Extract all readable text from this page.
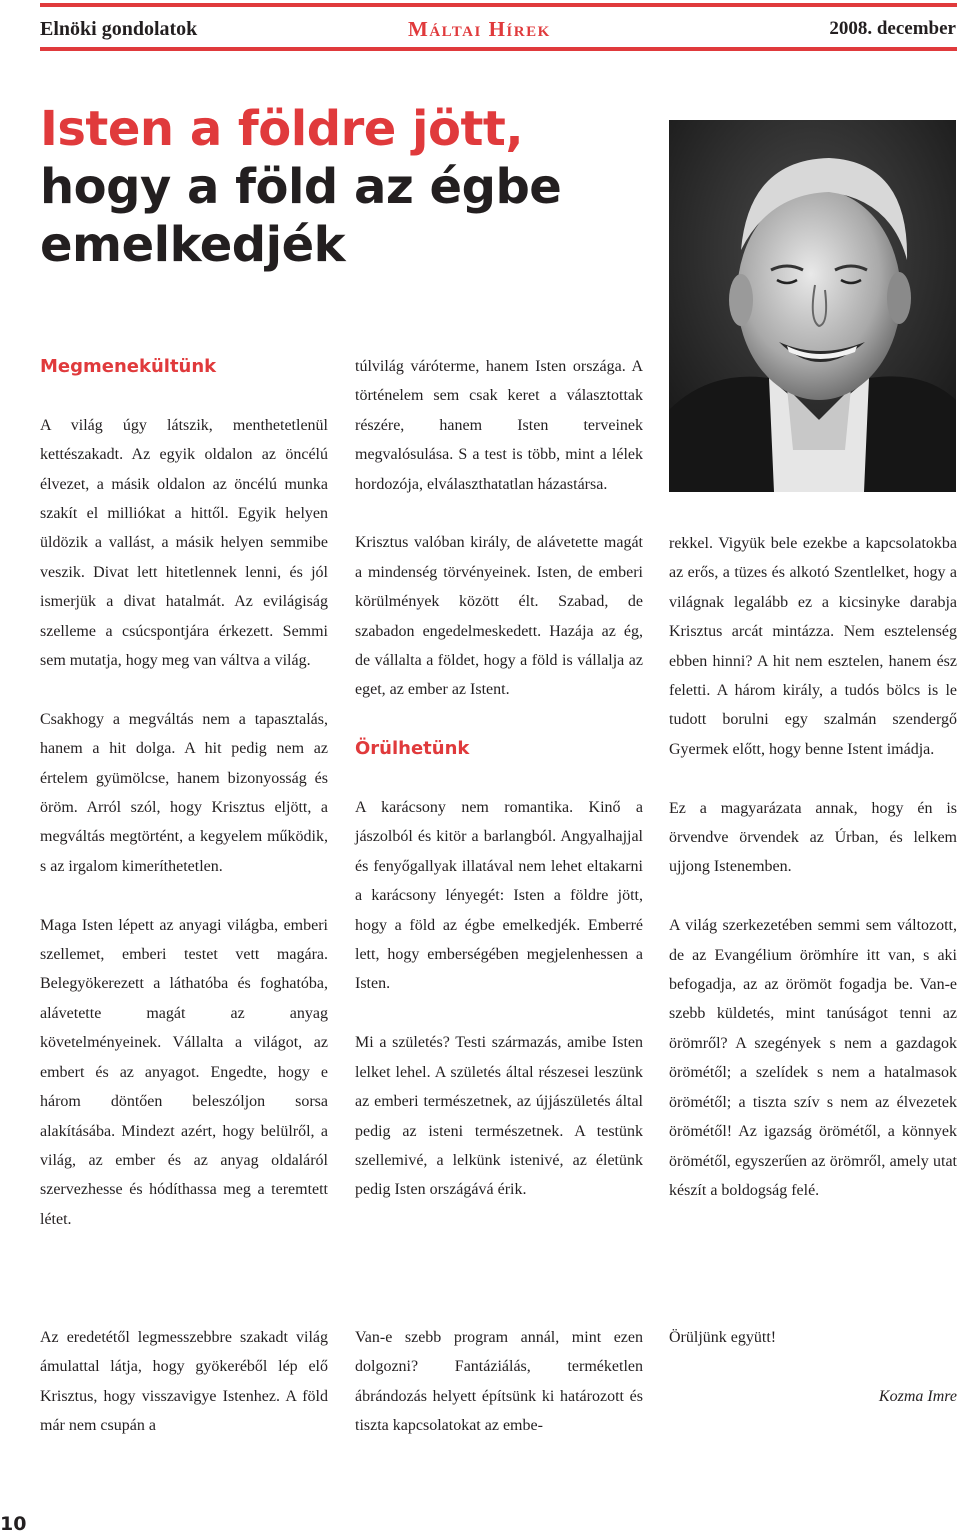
Elnöki gondolatok	Máltai Hírek	2008. december
Isten a földre jött,
hogy a föld az égbe
emelkedjék
Megmenekültünk

A világ úgy látszik, menthetetlenül kettészakadt. Az egyik oldalon az öncélú élvezet, a másik oldalon az öncélú munka szakít el milliókat a hittől. Egyik helyen üldözik a vallást, a másik helyen semmibe veszik. Divat lett hitetlennek lenni, és jól ismerjük a divat hatalmát. Az evilágiság szelleme a csúcspontjára érkezett. Semmi sem mutatja, hogy meg van váltva a világ.

Csakhogy a megváltás nem a tapasztalás, hanem a hit dolga. A hit pedig nem az értelem gyümölcse, hanem bizonyosság és öröm. Arról szól, hogy Krisztus eljött, a megváltás megtörtént, a kegyelem működik, s az irgalom kimeríthetetlen.

Maga Isten lépett az anyagi világba, emberi szellemet, emberi testet vett magára. Belegyökerezett a láthatóba és foghatóba, alávetette magát az anyag követelményeinek. Vállalta a világot, az embert és az anyagot. Engedte, hogy e három döntően beleszóljon sorsa alakításába. Mindezt azért, hogy belülről, a világ, az ember és az anyag oldaláról szervezhesse és hódíthassa meg a teremtett létet.

túlvilág váróterme, hanem Isten országa. A történelem sem csak keret a választottak részére, hanem Isten terveinek megvalósulása. S a test is több, mint a lélek hordozója, elválaszthatatlan házastársa.

Krisztus valóban király, de alávetette magát a mindenség törvényeinek. Isten, de emberi körülmények között élt. Szabad, de szabadon engedelmeskedett. Hazája az ég, de vállalta a földet, hogy a föld is vállalja az eget, az ember az Istent.

Örülhetünk

A karácsony nem romantika. Kinő a jászolból és kitör a barlangból. Angyalhajjal és fenyőgallyak illatával nem lehet eltakarni a karácsony lényegét: Isten a földre jött, hogy a föld az égbe emelkedjék. Emberré lett, hogy emberségében megjelenhessen a Isten.

Mi a születés? Testi származás, amibe Isten lelket lehel. A születés által részesei leszünk az emberi természetnek, az újjászületés által pedig az isteni természetnek. A testünk szellemivé, a lelkünk istenivé, az életünk pedig Isten országává érik.

rekkel. Vigyük bele ezekbe a kapcsolatokba az erős, a tüzes és alkotó Szentlelket, hogy a világnak legalább ez a kicsinyke darabja Krisztus arcát mintázza. Nem esztelenség ebben hinni? A hit nem esztelen, hanem ész feletti. A három király, a tudós bölcs is le tudott borulni egy szalmán szendergő Gyermek előtt, hogy benne Istent imádja.

Ez a magyarázata annak, hogy én is örvendve örvendek az Úrban, és lelkem ujjong Istenemben.

A világ szerkezetében semmi sem változott, de az Evangélium örömhíre itt van, s aki befogadja, az az örömöt fogadja be. Van-e szebb küldetés, mint tanúságot tenni az örömről? A szegények s nem a gazdagok örömétől; a szelídek s nem a hatalmasok örömétől; a tiszta szív s nem az élvezetek örömétől! Az igazság örömétől, a könnyek örömétől, egyszerűen az örömről, amely utat készít a boldogság felé.

Az eredetétől legmesszebbre szakadt világ ámulattal látja, hogy gyökeréből lép elő Krisztus, hogy visszavigye Istenhez. A föld már nem csupán a

Van-e szebb program annál, mint ezen dolgozni? Fantáziálás, terméketlen ábrándozás helyett építsünk ki határozott és tiszta kapcsolatokat az embe-

Örüljünk együtt!

Kozma Imre

10
